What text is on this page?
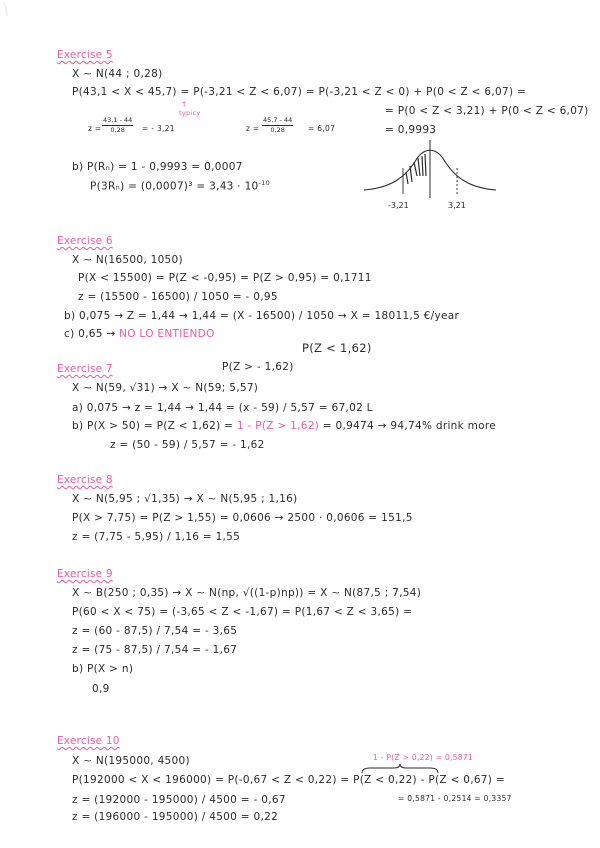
Exercise 5
X ∼ N(44 ; 0,28)
P(43,1 < X < 45,7) = P(-3,21 < Z < 6,07) = P(-3,21 < Z < 0) + P(0 < Z < 6,07) =
↑
typicy	= P(0 < Z < 3,21) + P(0 < Z < 6,07)
$z = \frac{43,1 - 44}{0,28}$ = - 3,21	$z = \frac{45,7 - 44}{0,28} = 6,07$	= 0,9993
b) P(Rₙ) = 1 - 0,9993 = 0,0007
$P(3R_n) = (0,0007)^3 = 3,43 \cdot 10^{-10}$
-3,21	3,21
Exercise 6
X ∼ N(16500, 1050)
P(X < 15500) = P(Z < -0,95) = P(Z > 0,95) = 0,1711
z = (15500 - 16500) / 1050 = - 0,95
b) 0,075 → Z = 1,44 → 1,44 = (X - 16500) / 1050 → X = 18011,5 €/year
c) 0,65 → NO LO ENTIENDO
P(Z < 1,62)
P(Z > - 1,62)
Exercise 7
X ∼ N(59, √31) → X ∼ N(59; 5,57)
a) 0,075 → z = 1,44 → 1,44 = (x - 59) / 5,57 = 67,02 L
b) P(X > 50) = P(Z < 1,62) = 1 - P(Z > 1,62) = 0,9474 → 94,74% drink more
z = (50 - 59) / 5,57 = - 1,62
Exercise 8
X ∼ N(5,95 ; √1,35) → X ∼ N(5,95 ; 1,16)
P(X > 7,75) = P(Z > 1,55) = 0,0606 → 2500 · 0,0606 = 151,5
z = (7,75 - 5,95) / 1,16 = 1,55
Exercise 9
X ∼ B(250 ; 0,35) → X ∼ N(np, √((1-p)np)) = X ∼ N(87,5 ; 7,54)
P(60 < X < 75) = (-3,65 < Z < -1,67) = P(1,67 < Z < 3,65) =
z = (60 - 87,5) / 7,54 = - 3,65
z = (75 - 87,5) / 7,54 = - 1,67
b) P(X > n)
0,9
Exercise 10
1 - P(Z > 0,22) = 0,5871
X ∼ N(195000, 4500)
P(192000 < X < 196000) = P(-0,67 < Z < 0,22) = P(Z < 0,22) - P(Z < 0,67) =
= 0,5871 - 0,2514 = 0,3357
z = (192000 - 195000) / 4500 = - 0,67
z = (196000 - 195000) / 4500 = 0,22
